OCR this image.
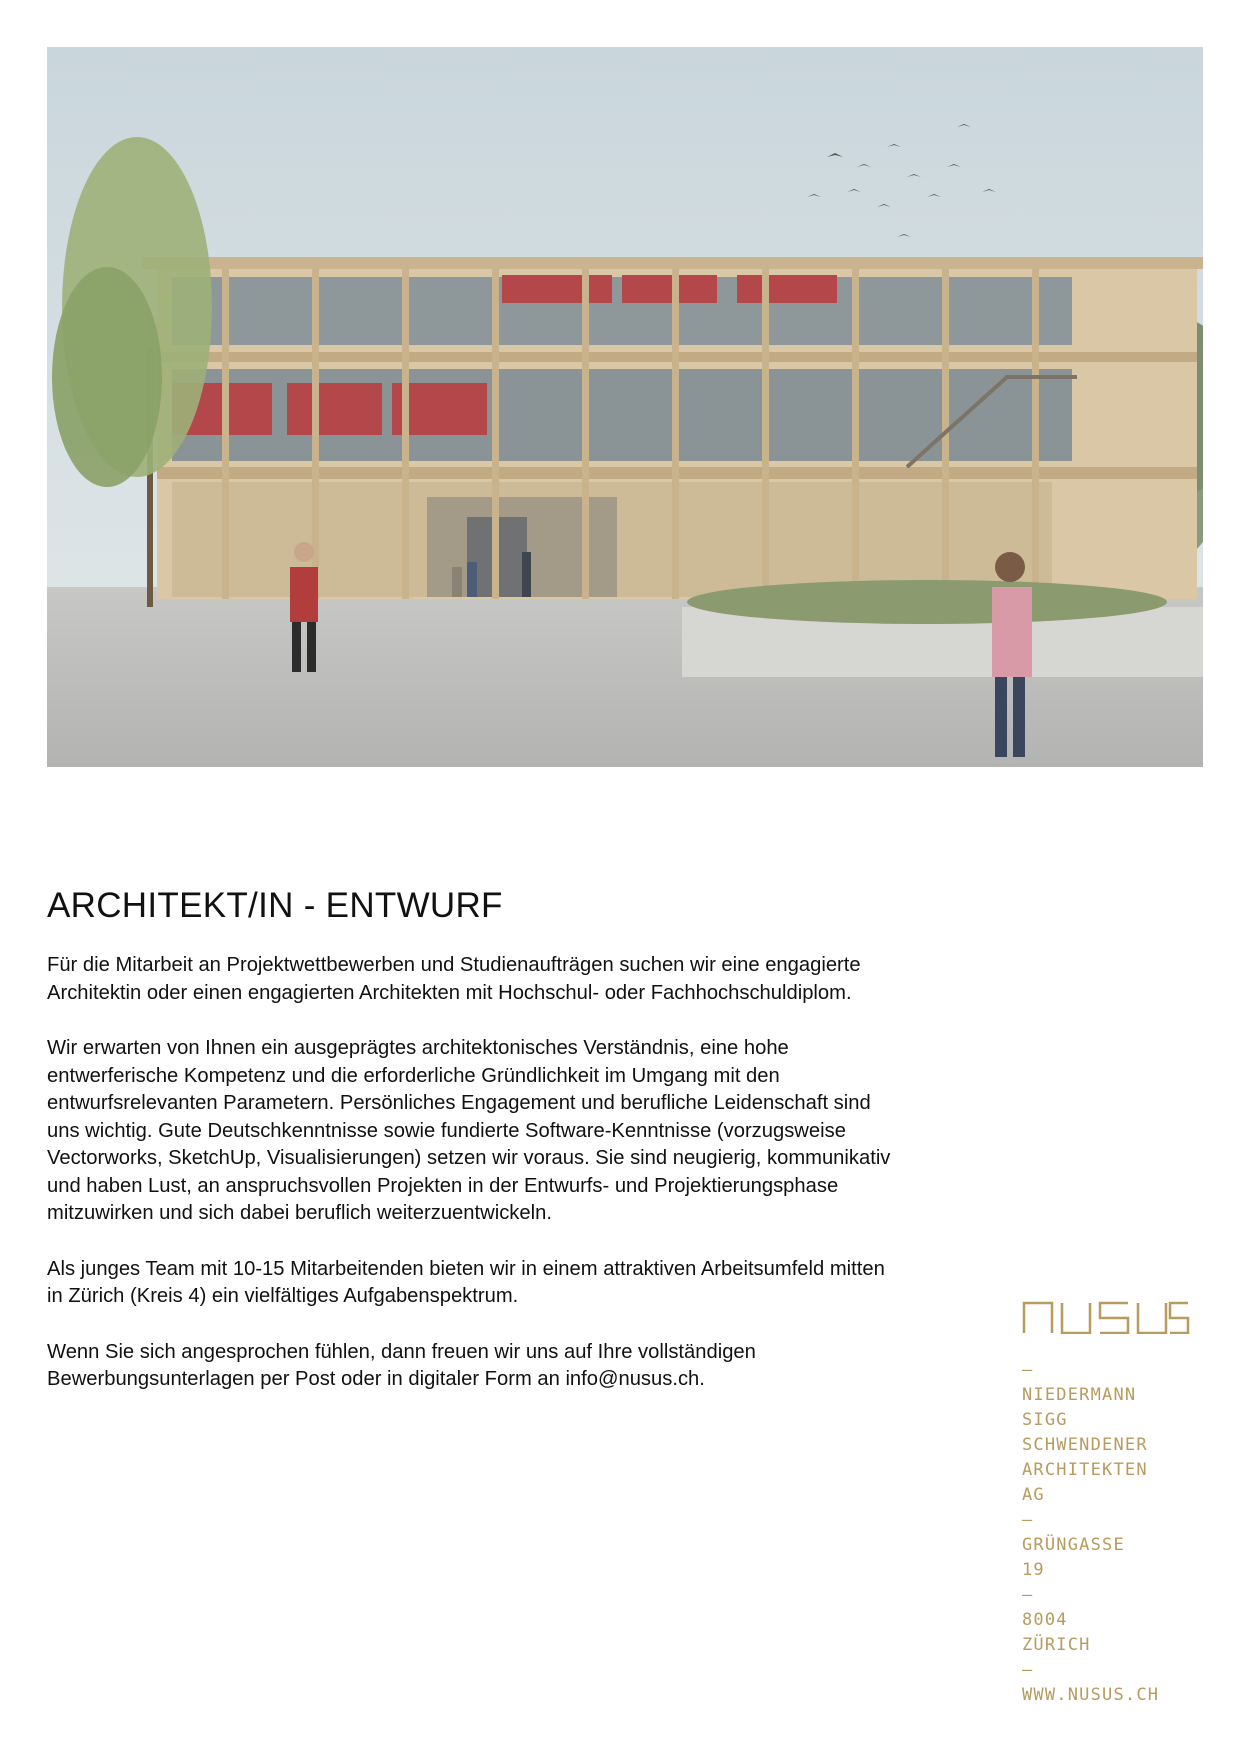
ARCHITEKT/IN - ENTWURF

Für die Mitarbeit an Projektwettbewerben und Studienaufträgen suchen wir eine engagierte Architektin oder einen engagierten Architekten mit Hochschul- oder Fachhochschuldiplom.

Wir erwarten von Ihnen ein ausgeprägtes architektonisches Verständnis, eine hohe entwerferische Kompetenz und die erforderliche Gründlichkeit im Umgang mit den entwurfsrelevanten Parametern. Persönliches Engagement und berufliche Leidenschaft sind uns wichtig. Gute Deutschkenntnisse sowie fundierte Software-Kenntnisse (vorzugsweise Vectorworks, SketchUp, Visualisierungen) setzen wir voraus. Sie sind neugierig, kommunikativ und haben Lust, an anspruchsvollen Projekten in der Entwurfs- und Projektierungsphase mitzuwirken und sich dabei beruflich weiterzuentwickeln.

Als junges Team mit 10-15 Mitarbeitenden bieten wir in einem attraktiven Arbeitsumfeld mitten in Zürich (Kreis 4) ein vielfältiges Aufgabenspektrum.

Wenn Sie sich angesprochen fühlen, dann freuen wir uns auf Ihre vollständigen Bewerbungsunterlagen per Post oder in digitaler Form an info@nusus.ch.	—
NIEDERMANN
SIGG
SCHWENDENER
ARCHITEKTEN
AG
—
GRÜNGASSE
19
—
8004
ZÜRICH
—
WWW.NUSUS.CH
